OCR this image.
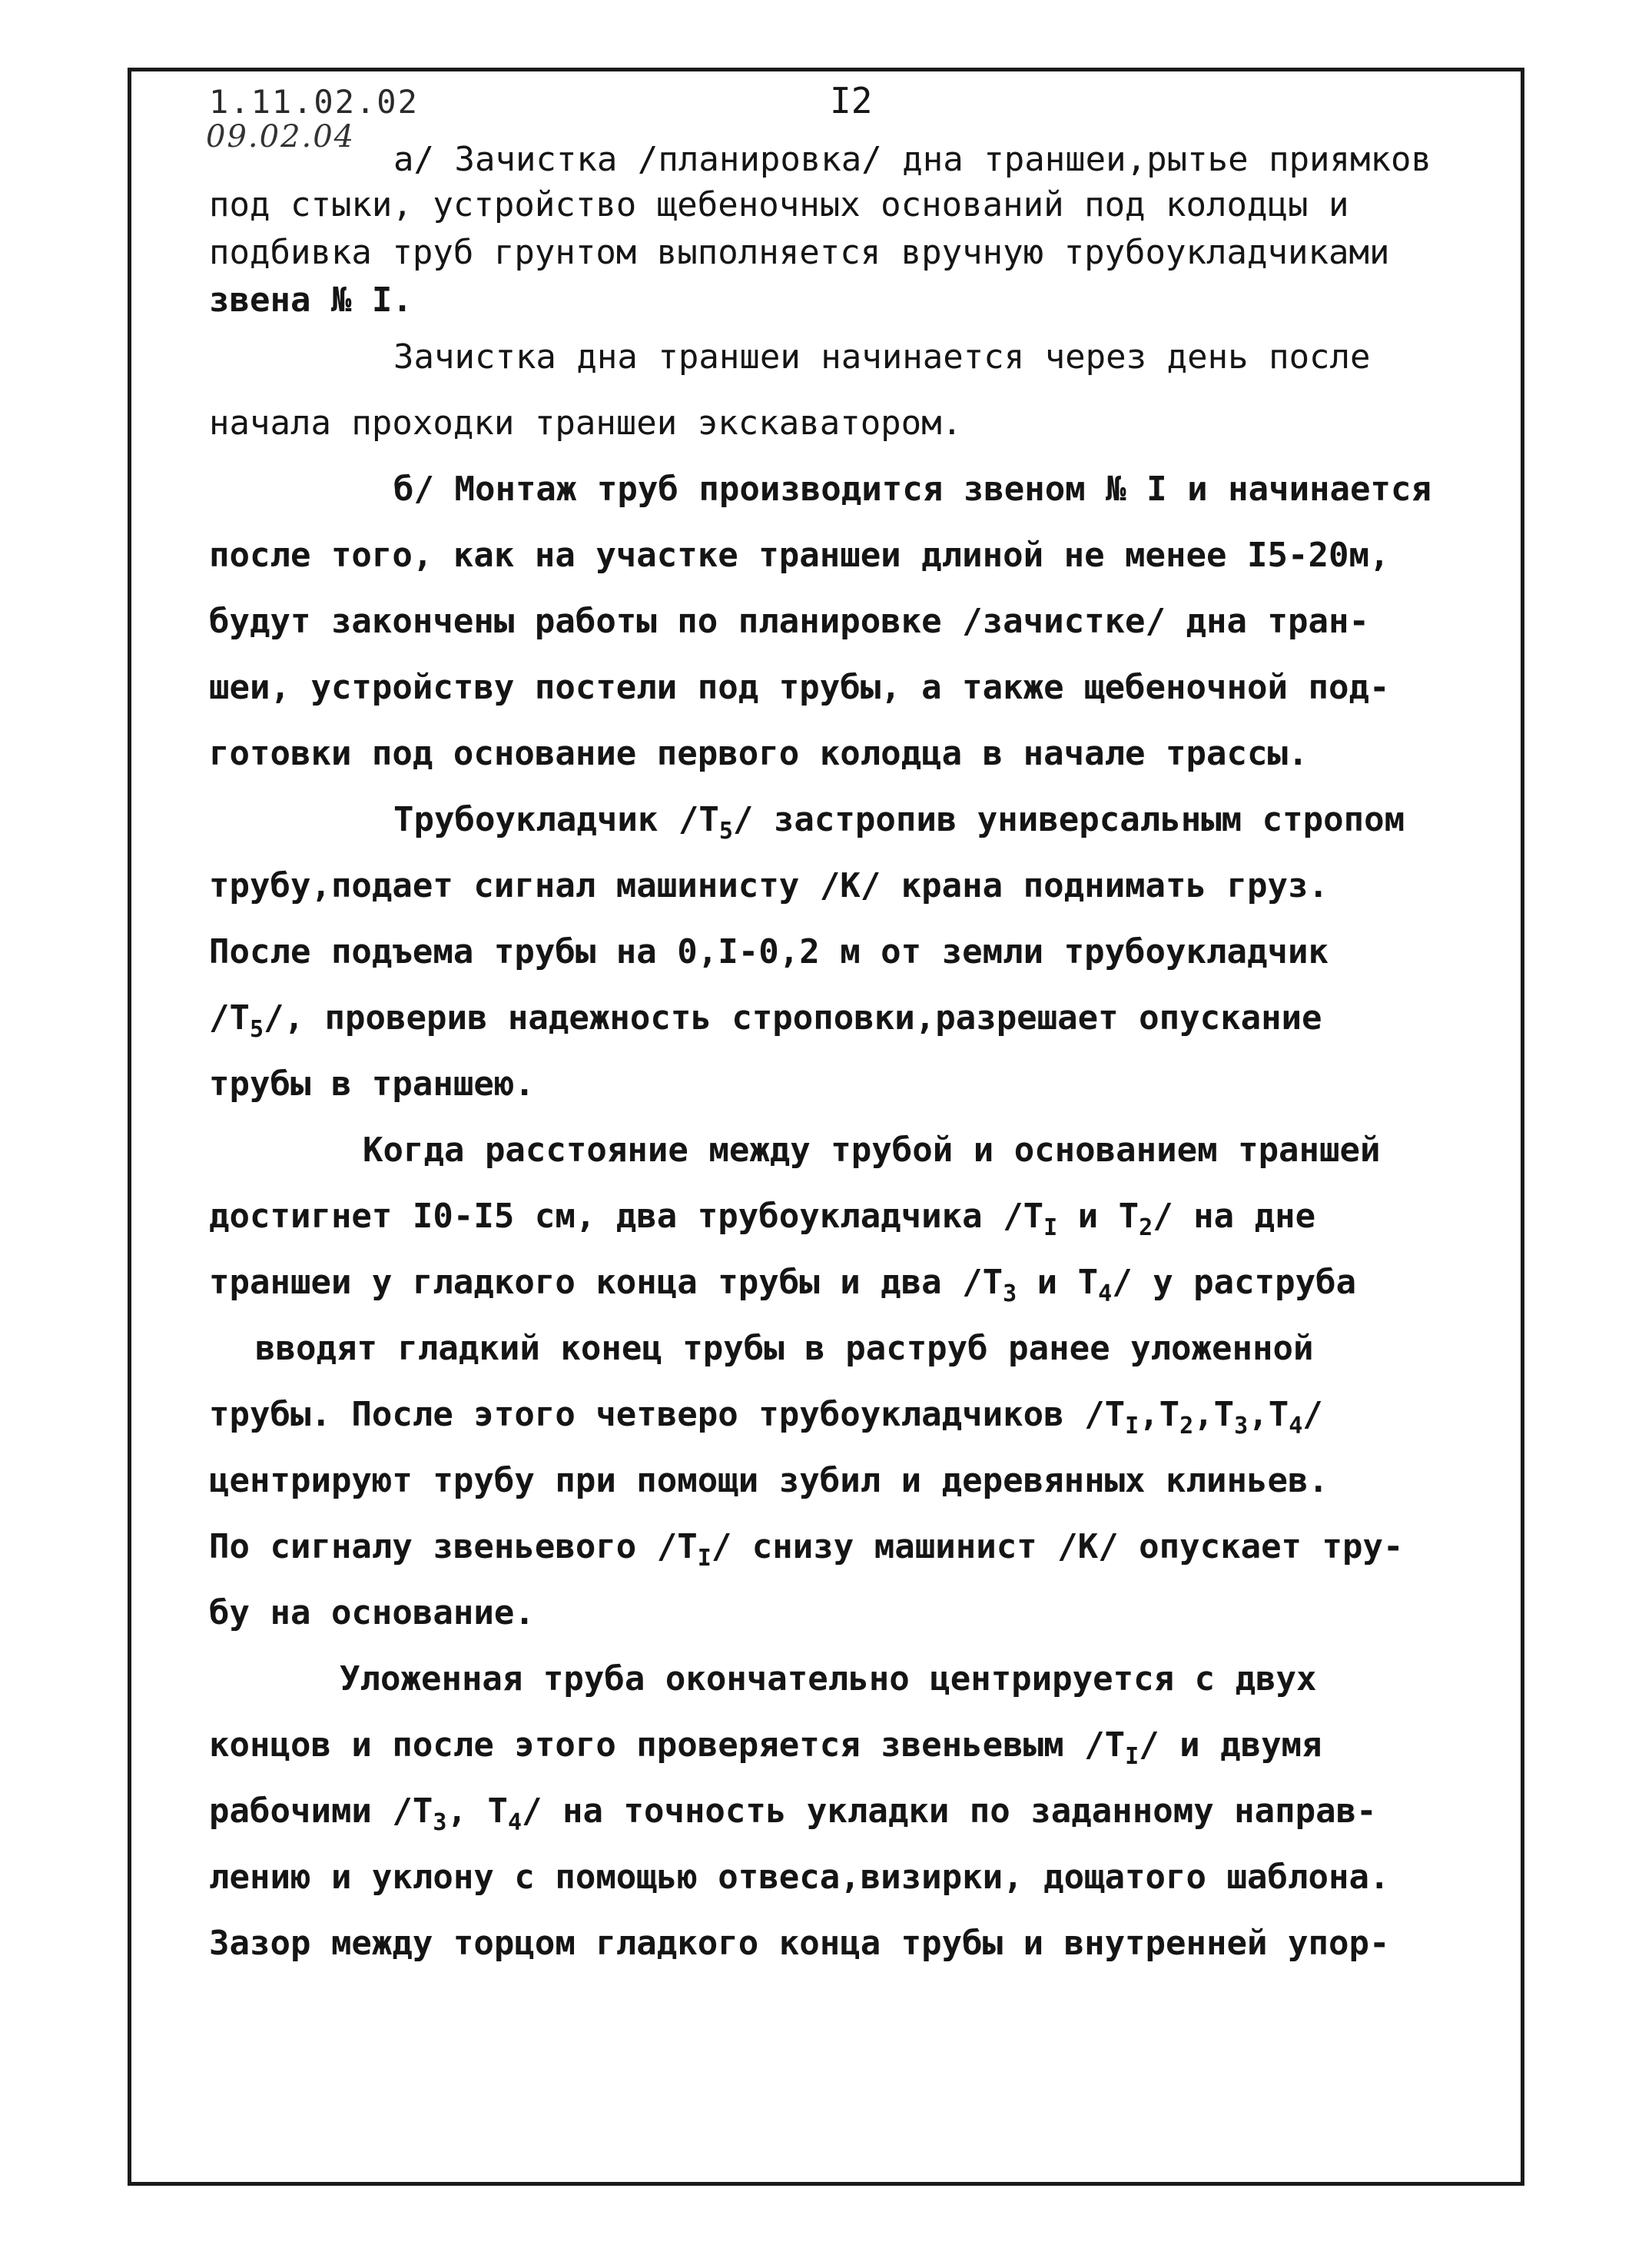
1.11.02.02
09.02.04
I2

а/ Зачистка /планировка/ дна траншеи,рытье приямков
под стыки, устройство щебеночных оснований под колодцы и
подбивка труб грунтом выполняется вручную трубоукладчиками
звена № I.
Зачистка дна траншеи начинается через день после
начала проходки траншеи экскаватором.
б/ Монтаж труб производится звеном № I и начинается
после того, как на участке траншеи длиной не менее I5-20м,
будут закончены работы по планировке /зачистке/ дна тран-
шеи, устройству постели под трубы, а также щебеночной под-
готовки под основание первого колодца в начале трассы.
Трубоукладчик $/Т_5/$ застропив универсальным стропом
трубу,подает сигнал машинисту /К/ крана поднимать груз.
После подъема трубы на 0,I-0,2 м от земли трубоукладчик
$/Т_5/$, проверив надежность строповки,разрешает опускание
трубы в траншею.
Когда расстояние между трубой и основанием траншей
достигнет I0-I5 см, два трубоукладчика $/Т_I$ и $Т_2/$ на дне
траншеи у гладкого конца трубы и два $/Т_3$ и $Т_4/$ у раструба
вводят гладкий конец трубы в раструб ранее уложенной
трубы. После этого четверо трубоукладчиков $/Т_I,Т_2,Т_3,Т_4/$
центрируют трубу при помощи зубил и деревянных клиньев.
По сигналу звеньевого $/Т_I/$ снизу машинист /К/ опускает тру-
бу на основание.
Уложенная труба окончательно центрируется с двух
концов и после этого проверяется звеньевым $/Т_I/$ и двумя
рабочими $/Т_3$, $Т_4/$ на точность укладки по заданному направ-
лению и уклону с помощью отвеса,визирки, дощатого шаблона.
Зазор между торцом гладкого конца трубы и внутренней упор-
